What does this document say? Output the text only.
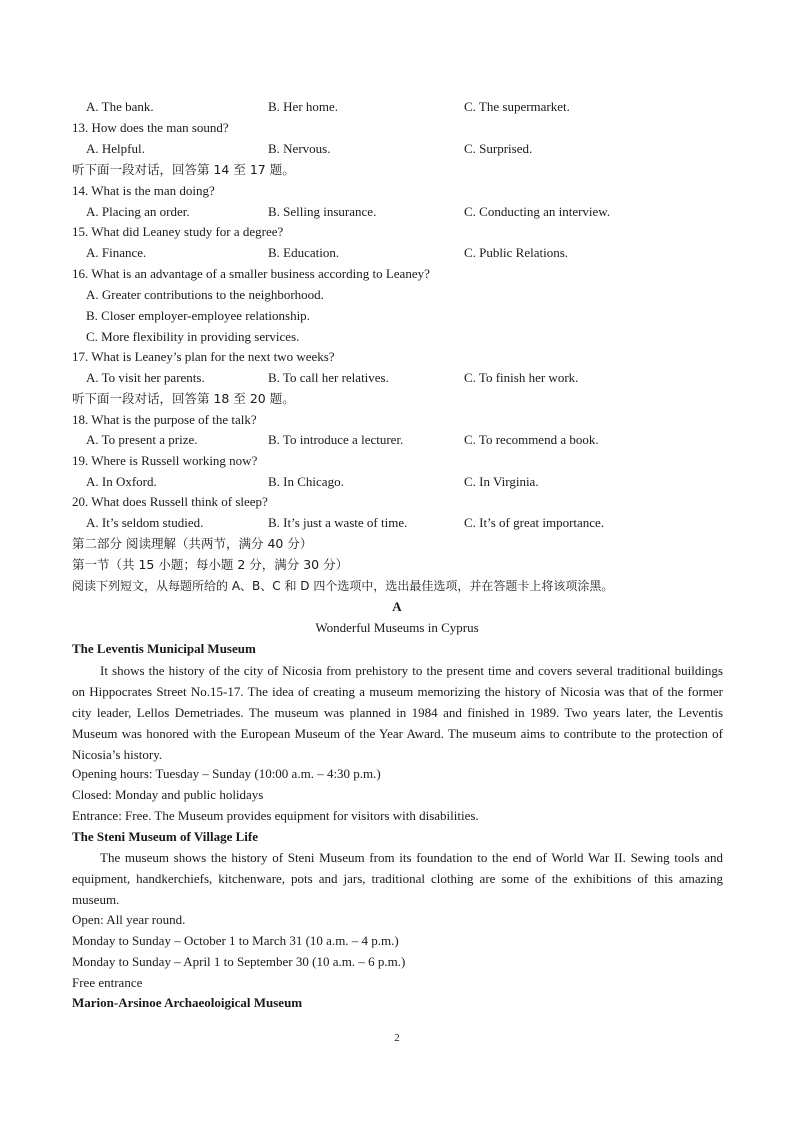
A. The bank.	B. Her home.	C. The supermarket.
13. How does the man sound?
A. Helpful.	B. Nervous.	C. Surprised.
听下面一段对话，回答第 14 至 17 题。
14. What is the man doing?
A. Placing an order.	B. Selling insurance.	C. Conducting an interview.
15. What did Leaney study for a degree?
A. Finance.	B. Education.	C. Public Relations.
16. What is an advantage of a smaller business according to Leaney?
A. Greater contributions to the neighborhood.
B. Closer employer-employee relationship.
C. More flexibility in providing services.
17. What is Leaney’s plan for the next two weeks?
A. To visit her parents.	B. To call her relatives.	C. To finish her work.
听下面一段对话，回答第 18 至 20 题。
18. What is the purpose of the talk?
A. To present a prize.	B. To introduce a lecturer.	C. To recommend a book.
19. Where is Russell working now?
A. In Oxford.	B. In Chicago.	C. In Virginia.
20. What does Russell think of sleep?
A. It’s seldom studied.	B. It’s just a waste of time.	C. It’s of great importance.
第二部分 阅读理解（共两节，满分 40 分）
第一节（共 15 小题；每小题 2 分，满分 30 分）
阅读下列短文，从每题所给的 A、B、C 和 D 四个选项中，选出最佳选项，并在答题卡上将该项涂黑。
A
Wonderful Museums in Cyprus
The Leventis Municipal Museum
It shows the history of the city of Nicosia from prehistory to the present time and covers several traditional buildings on Hippocrates Street No.15-17. The idea of creating a museum memorizing the history of Nicosia was that of the former city leader, Lellos Demetriades. The museum was planned in 1984 and finished in 1989. Two years later, the Leventis Museum was honored with the European Museum of the Year Award. The museum aims to contribute to the protection of Nicosia’s history.
Opening hours: Tuesday – Sunday (10:00 a.m. – 4:30 p.m.)
Closed: Monday and public holidays
Entrance: Free. The Museum provides equipment for visitors with disabilities.
The Steni Museum of Village Life
The museum shows the history of Steni Museum from its foundation to the end of World War II. Sewing tools and equipment, handkerchiefs, kitchenware, pots and jars, traditional clothing are some of the exhibitions of this amazing museum.
Open: All year round.
Monday to Sunday – October 1 to March 31 (10 a.m. – 4 p.m.)
Monday to Sunday – April 1 to September 30 (10 a.m. – 6 p.m.)
Free entrance
Marion-Arsinoe Archaeoloigical Museum
2
